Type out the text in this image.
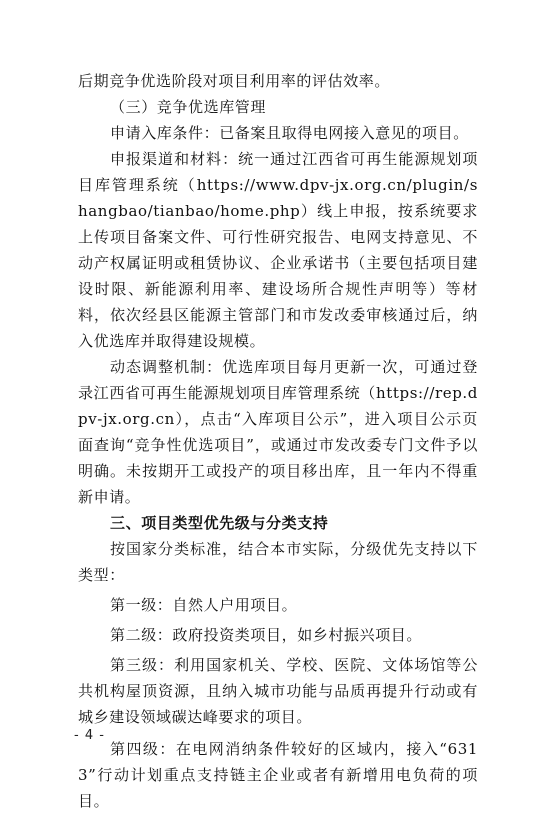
后期竞争优选阶段对项目利用率的评估效率。

（三）竞争优选库管理

申请入库条件：已备案且取得电网接入意见的项目。

申报渠道和材料：统一通过江西省可再生能源规划项目库管理系统（https://www.dpv-jx.org.cn/plugin/shangbao/tianbao/home.php）线上申报，按系统要求上传项目备案文件、可行性研究报告、电网支持意见、不动产权属证明或租赁协议、企业承诺书（主要包括项目建设时限、新能源利用率、建设场所合规性声明等）等材料，依次经县区能源主管部门和市发改委审核通过后，纳入优选库并取得建设规模。

动态调整机制：优选库项目每月更新一次，可通过登录江西省可再生能源规划项目库管理系统（https://rep.dpv-jx.org.cn），点击“入库项目公示”，进入项目公示页面查询“竞争性优选项目”，或通过市发改委专门文件予以明确。未按期开工或投产的项目移出库，且一年内不得重新申请。

三、项目类型优先级与分类支持

按国家分类标准，结合本市实际，分级优先支持以下类型：

第一级：自然人户用项目。

第二级：政府投资类项目，如乡村振兴项目。

第三级：利用国家机关、学校、医院、文体场馆等公共机构屋顶资源，且纳入城市功能与品质再提升行动或有城乡建设领域碳达峰要求的项目。

第四级：在电网消纳条件较好的区域内，接入“6313”行动计划重点支持链主企业或者有新增用电负荷的项目。

- 4 -
